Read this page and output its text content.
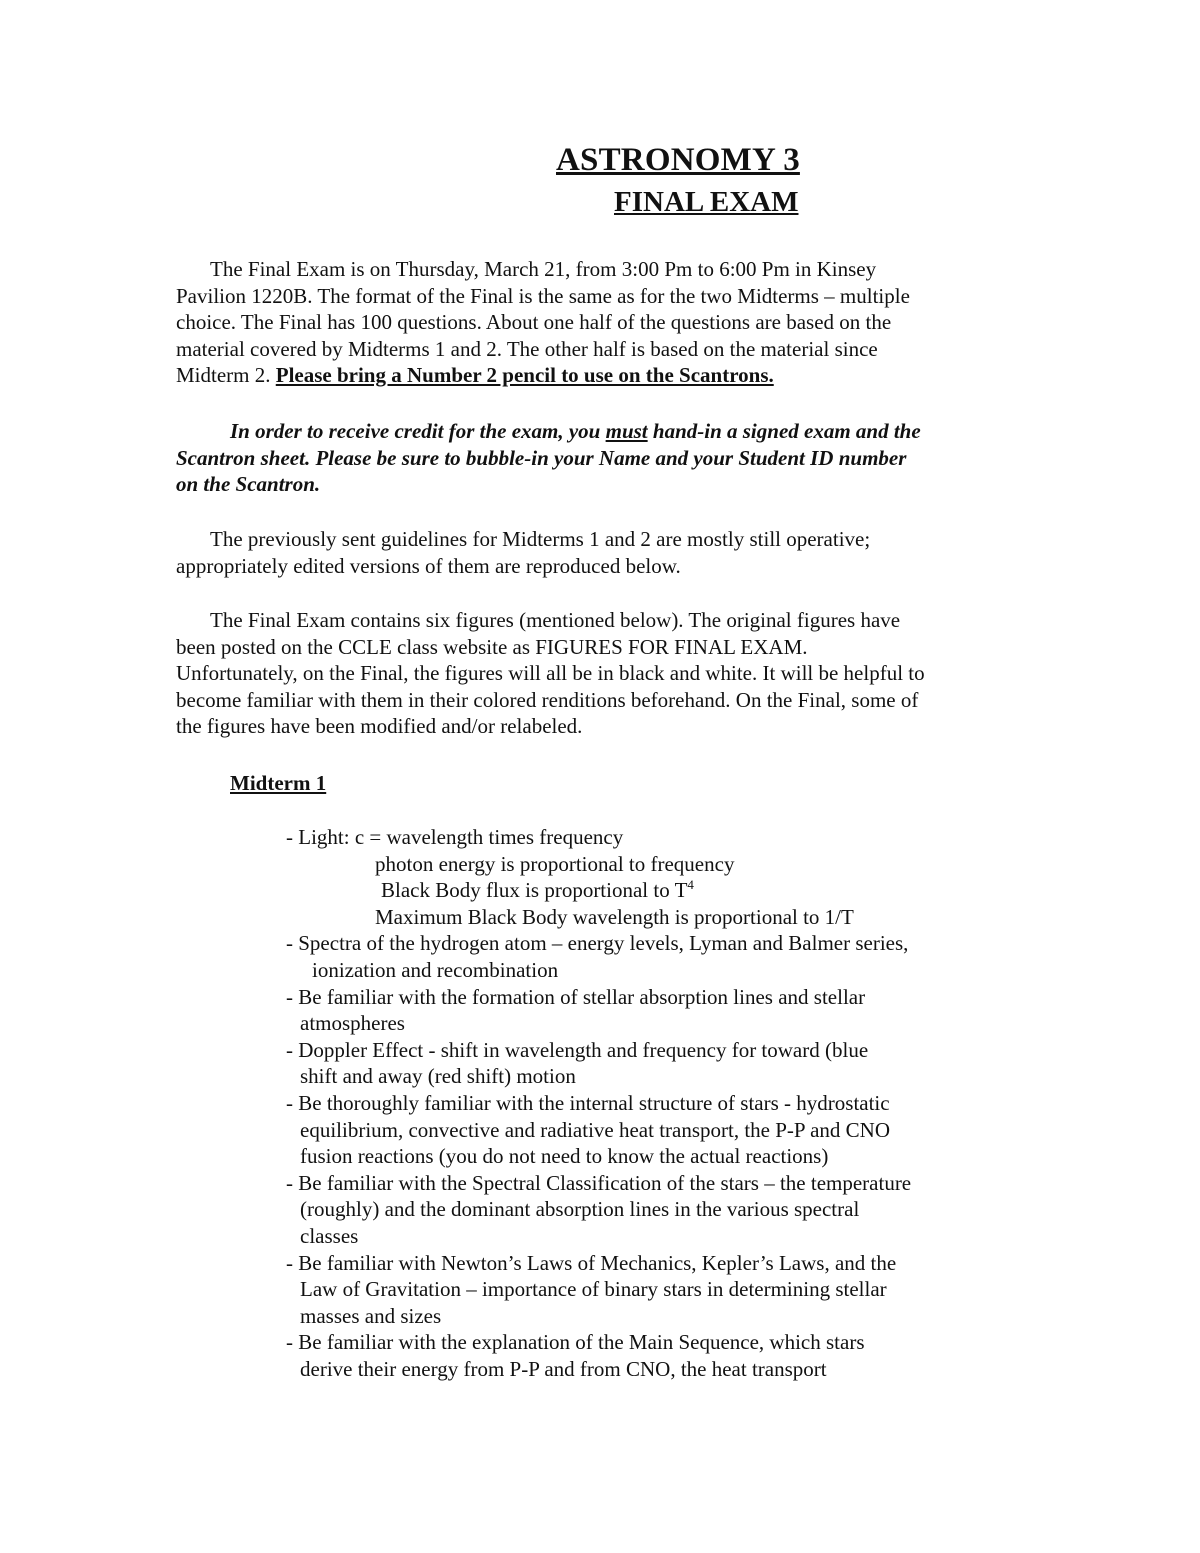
ASTRONOMY 3
FINAL EXAM
The Final Exam is on Thursday, March 21, from 3:00 Pm to 6:00 Pm in Kinsey
Pavilion 1220B. The format of the Final is the same as for the two Midterms – multiple
choice. The Final has 100 questions. About one half of the questions are based on the
material covered by Midterms 1 and 2. The other half is based on the material since
Midterm 2. Please bring a Number 2 pencil to use on the Scantrons.
In order to receive credit for the exam, you must hand-in a signed exam and the
Scantron sheet. Please be sure to bubble-in your Name and your Student ID number
on the Scantron.
The previously sent guidelines for Midterms 1 and 2 are mostly still operative;
appropriately edited versions of them are reproduced below.
The Final Exam contains six figures (mentioned below). The original figures have
been posted on the CCLE class website as FIGURES FOR FINAL EXAM.
Unfortunately, on the Final, the figures will all be in black and white. It will be helpful to
become familiar with them in their colored renditions beforehand. On the Final, some of
the figures have been modified and/or relabeled.
Midterm 1
- Light: c = wavelength times frequency
photon energy is proportional to frequency
Black Body flux is proportional to $T^4$
Maximum Black Body wavelength is proportional to 1/T
- Spectra of the hydrogen atom – energy levels, Lyman and Balmer series,
ionization and recombination
- Be familiar with the formation of stellar absorption lines and stellar
atmospheres
- Doppler Effect - shift in wavelength and frequency for toward (blue
shift and away (red shift) motion
- Be thoroughly familiar with the internal structure of stars - hydrostatic
equilibrium, convective and radiative heat transport, the P-P and CNO
fusion reactions (you do not need to know the actual reactions)
- Be familiar with the Spectral Classification of the stars – the temperature
(roughly) and the dominant absorption lines in the various spectral
classes
- Be familiar with Newton’s Laws of Mechanics, Kepler’s Laws, and the
Law of Gravitation – importance of binary stars in determining stellar
masses and sizes
- Be familiar with the explanation of the Main Sequence, which stars
derive their energy from P-P and from CNO, the heat transport
